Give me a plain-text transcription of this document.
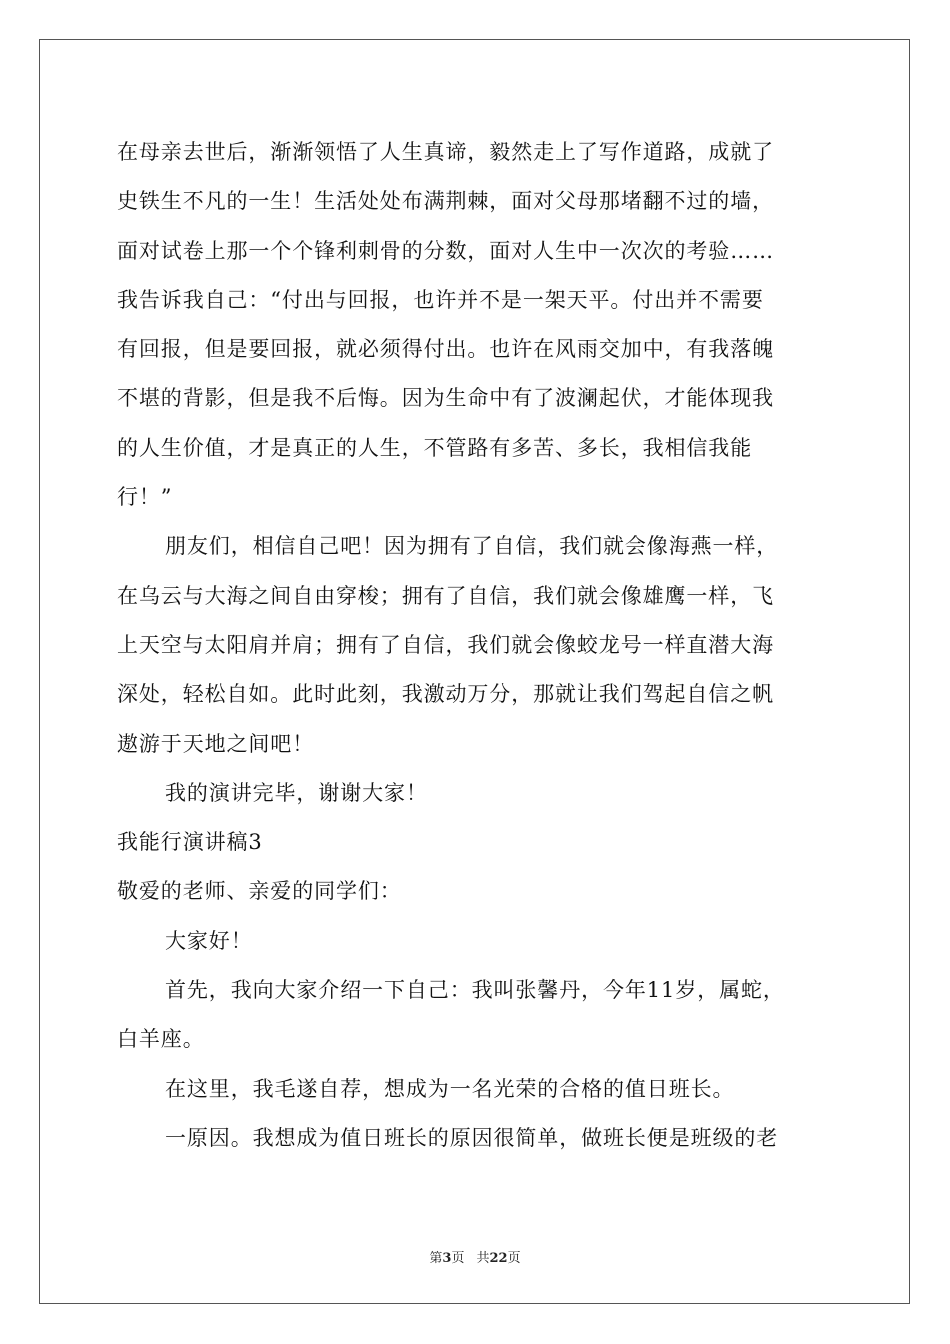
在母亲去世后，渐渐领悟了人生真谛，毅然走上了写作道路，成就了
史铁生不凡的一生！生活处处布满荆棘，面对父母那堵翻不过的墙，
面对试卷上那一个个锋利刺骨的分数，面对人生中一次次的考验……
我告诉我自己：“付出与回报，也许并不是一架天平。付出并不需要
有回报，但是要回报，就必须得付出。也许在风雨交加中，有我落魄
不堪的背影，但是我不后悔。因为生命中有了波澜起伏，才能体现我
的人生价值，才是真正的人生，不管路有多苦、多长，我相信我能
行！”
朋友们，相信自己吧！因为拥有了自信，我们就会像海燕一样，
在乌云与大海之间自由穿梭；拥有了自信，我们就会像雄鹰一样，飞
上天空与太阳肩并肩；拥有了自信，我们就会像蛟龙号一样直潜大海
深处，轻松自如。此时此刻，我激动万分，那就让我们驾起自信之帆
遨游于天地之间吧！
我的演讲完毕，谢谢大家！
我能行演讲稿3
敬爱的老师、亲爱的同学们：
大家好！
首先，我向大家介绍一下自己：我叫张馨丹，今年11岁，属蛇，
白羊座。
在这里，我毛遂自荐，想成为一名光荣的合格的值日班长。
一原因。我想成为值日班长的原因很简单，做班长便是班级的老
第3页 共22页
